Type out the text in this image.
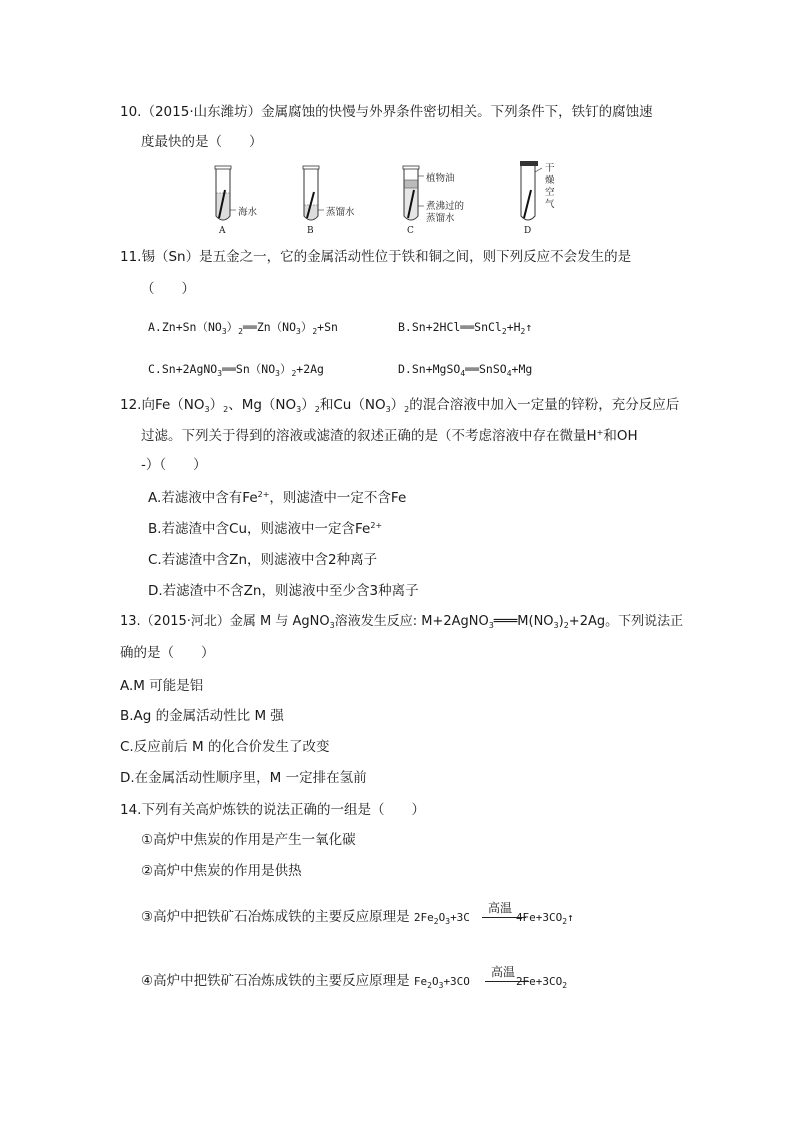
10.（2015·山东潍坊）金属腐蚀的快慢与外界条件密切相关。下列条件下，铁钉的腐蚀速
度最快的是（　　）
海水	蒸馏水
植物油
煮沸过的
蒸馏水
干
燥
空
气
A	B	C	D
11.锡（Sn）是五金之一，它的金属活动性位于铁和铜之间，则下列反应不会发生的是
（　　）
$A.Zn+Sn(NO_3)_2══Zn(NO_3)_2+Sn$	$B.Sn+2HCl══SnCl_2+H_2↑$
$C.Sn+2AgNO_3══Sn(NO_3)_2+2Ag$	D.Sn+MgSO$_4$══SnSO$_4$+Mg
12.向$Fe(NO_3)_2$、$Mg(NO_3)_2$和$Cu(NO_3)_2$的混合溶液中加入一定量的锌粉，充分反应后
过滤。下列关于得到的溶液或滤渣的叙述正确的是（不考虑溶液中存在微量H+和OH
-）（　　）
A.若滤液中含有$Fe^{2+}$，则滤渣中一定不含Fe
B.若滤渣中含Cu，则滤液中一定含$Fe^{2+}$
C.若滤渣中含Zn，则滤液中含2种离子
D.若滤渣中不含Zn，则滤液中至少含3种离子
13.（2015·河北）金属 M 与 AgNO$_3$溶液发生反应: $M+2AgNO_3═══M(NO_3)_2+2Ag$。下列说法正
确的是（　　）
A.M 可能是铝
B.Ag 的金属活动性比 M 强
C.反应前后 M 的化合价发生了改变
D.在金属活动性顺序里，M 一定排在氢前
14.下列有关高炉炼铁的说法正确的一组是（　　）
①高炉中焦炭的作用是产生一氧化碳
②高炉中焦炭的作用是供热
③高炉中把铁矿石冶炼成铁的主要反应原理是 $2Fe_2O_3+3C$	$4Fe+3CO_2↑$
高温
④高炉中把铁矿石冶炼成铁的主要反应原理是 $Fe_2O_3+3CO$	$2Fe+3CO_2$
高温
